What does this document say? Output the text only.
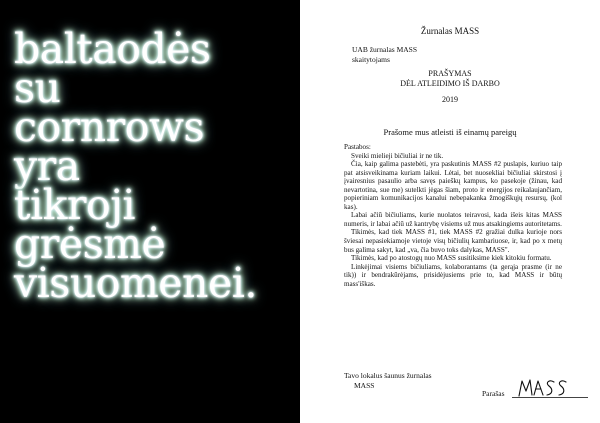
baltaodės
su
cornrows
yra
tikroji
grėsmė
visuomenei.
Žurnalas MASS
UAB žurnalas MASS
skaitytojams
PRAŠYMAS
DĖL ATLEIDIMO IŠ DARBO
2019
Prašome mus atleisti iš einamų pareigų
Pastabos:

Sveiki mielieji bičiuliai ir ne tik.

Čia, kaip galima pastebėti, yra paskutinis MASS #2 puslapis, kuriuo taip pat atsisveikinama kuriam laikui. Lėtai, bet nuosekliai bičiuliai skirstosi į įvairesnius pasaulio arba savęs paieškų kampus, ko pasekoje (žinau, kad nevartotina, sue me) sutelkti jėgas šiam, proto ir energijos reikalaujančiam, popieriniam komunikacijos kanalui nebepakanka žmogiškųjų resursų, (kol kas).

Labai ačiū bičiuliams, kurie nuolatos teiravosi, kada išeis kitas MASS numeris, ir labai ačiū už kantrybę visiems už mus atsakingiems autoritetams.

Tikimės, kad tiek MASS #1, tiek MASS #2 gražiai dulka kurioje nors šviesai nepasiekiamoje vietoje visų bičiulių kambariuose, ir, kad po x metų bus galima sakyt, kad „va, čia buvo toks dalykas, MASS".

Tikimės, kad po atostogų nuo MASS susitiksime kiek kitokiu formatu.

Linkėjimai visiems bičiuliams, kolaborantams (ta gerąja prasme (ir ne tik)) ir bendrakūrėjams, prisidėjusiems prie to, kad MASS ir būtų mass'iškas.

Tavo lokalus šaunus žurnalas
MASS
Parašas
